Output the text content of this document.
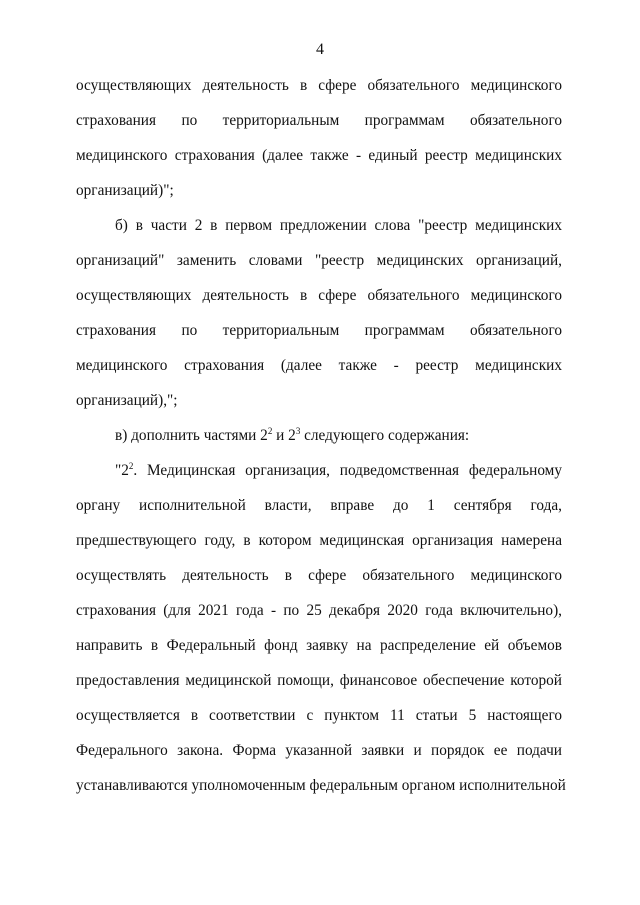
4
осуществляющих деятельность в сфере обязательного медицинского
страхования по территориальным программам обязательного
медицинского страхования (далее также - единый реестр медицинских
организаций)";
б) в части 2 в первом предложении слова "реестр медицинских
организаций" заменить словами "реестр медицинских организаций,
осуществляющих деятельность в сфере обязательного медицинского
страхования по территориальным программам обязательного
медицинского страхования (далее также - реестр медицинских
организаций),";
в) дополнить частями $2^2$ и $2^3$ следующего содержания:
"$2^2$. Медицинская организация, подведомственная федеральному
органу исполнительной власти, вправе до 1 сентября года,
предшествующего году, в котором медицинская организация намерена
осуществлять деятельность в сфере обязательного медицинского
страхования (для 2021 года - по 25 декабря 2020 года включительно),
направить в Федеральный фонд заявку на распределение ей объемов
предоставления медицинской помощи, финансовое обеспечение которой
осуществляется в соответствии с пунктом 11 статьи 5 настоящего
Федерального закона. Форма указанной заявки и порядок ее подачи
устанавливаются уполномоченным федеральным органом исполнительной
